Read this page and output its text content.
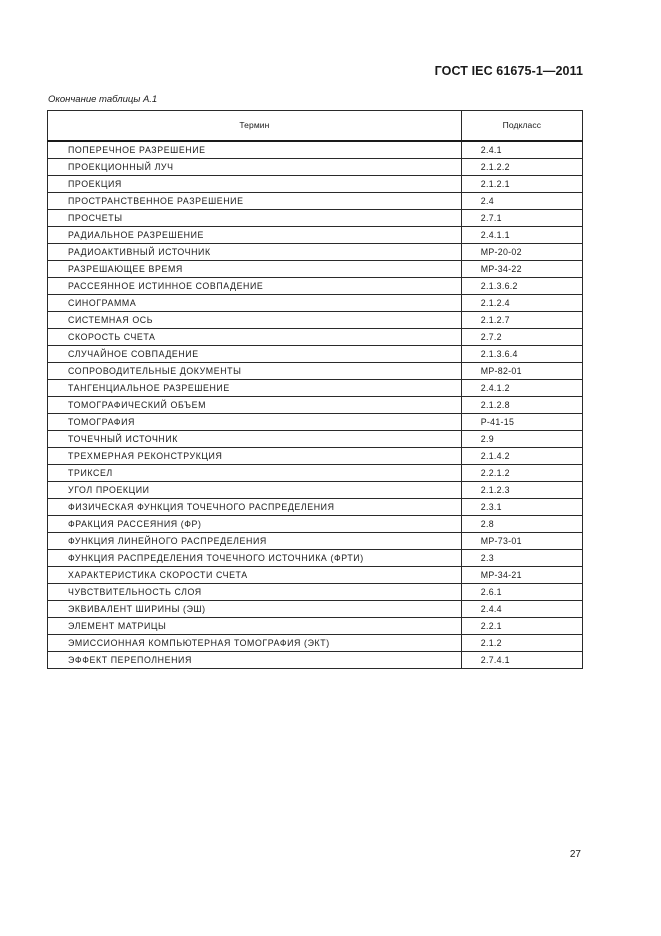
ГОСТ IEC 61675-1—2011
Окончание таблицы А.1
Термин	Подкласс
ПОПЕРЕЧНОЕ РАЗРЕШЕНИЕ	2.4.1
ПРОЕКЦИОННЫЙ ЛУЧ	2.1.2.2
ПРОЕКЦИЯ	2.1.2.1
ПРОСТРАНСТВЕННОЕ РАЗРЕШЕНИЕ	2.4
ПРОСЧЕТЫ	2.7.1
РАДИАЛЬНОЕ РАЗРЕШЕНИЕ	2.4.1.1
РАДИОАКТИВНЫЙ ИСТОЧНИК	МР-20-02
РАЗРЕШАЮЩЕЕ ВРЕМЯ	МР-34-22
РАССЕЯННОЕ ИСТИННОЕ СОВПАДЕНИЕ	2.1.3.6.2
СИНОГРАММА	2.1.2.4
СИСТЕМНАЯ ОСЬ	2.1.2.7
СКОРОСТЬ СЧЕТА	2.7.2
СЛУЧАЙНОЕ СОВПАДЕНИЕ	2.1.3.6.4
СОПРОВОДИТЕЛЬНЫЕ ДОКУМЕНТЫ	МР-82-01
ТАНГЕНЦИАЛЬНОЕ РАЗРЕШЕНИЕ	2.4.1.2
ТОМОГРАФИЧЕСКИЙ ОБЪЕМ	2.1.2.8
ТОМОГРАФИЯ	Р-41-15
ТОЧЕЧНЫЙ ИСТОЧНИК	2.9
ТРЕХМЕРНАЯ РЕКОНСТРУКЦИЯ	2.1.4.2
ТРИКСЕЛ	2.2.1.2
УГОЛ ПРОЕКЦИИ	2.1.2.3
ФИЗИЧЕСКАЯ ФУНКЦИЯ ТОЧЕЧНОГО РАСПРЕДЕЛЕНИЯ	2.3.1
ФРАКЦИЯ РАССЕЯНИЯ (ФР)	2.8
ФУНКЦИЯ ЛИНЕЙНОГО РАСПРЕДЕЛЕНИЯ	МР-73-01
ФУНКЦИЯ РАСПРЕДЕЛЕНИЯ ТОЧЕЧНОГО ИСТОЧНИКА (ФРТИ)	2.3
ХАРАКТЕРИСТИКА СКОРОСТИ СЧЕТА	МР-34-21
ЧУВСТВИТЕЛЬНОСТЬ СЛОЯ	2.6.1
ЭКВИВАЛЕНТ ШИРИНЫ (ЭШ)	2.4.4
ЭЛЕМЕНТ МАТРИЦЫ	2.2.1
ЭМИССИОННАЯ КОМПЬЮТЕРНАЯ ТОМОГРАФИЯ (ЭКТ)	2.1.2
ЭФФЕКТ ПЕРЕПОЛНЕНИЯ	2.7.4.1
27
